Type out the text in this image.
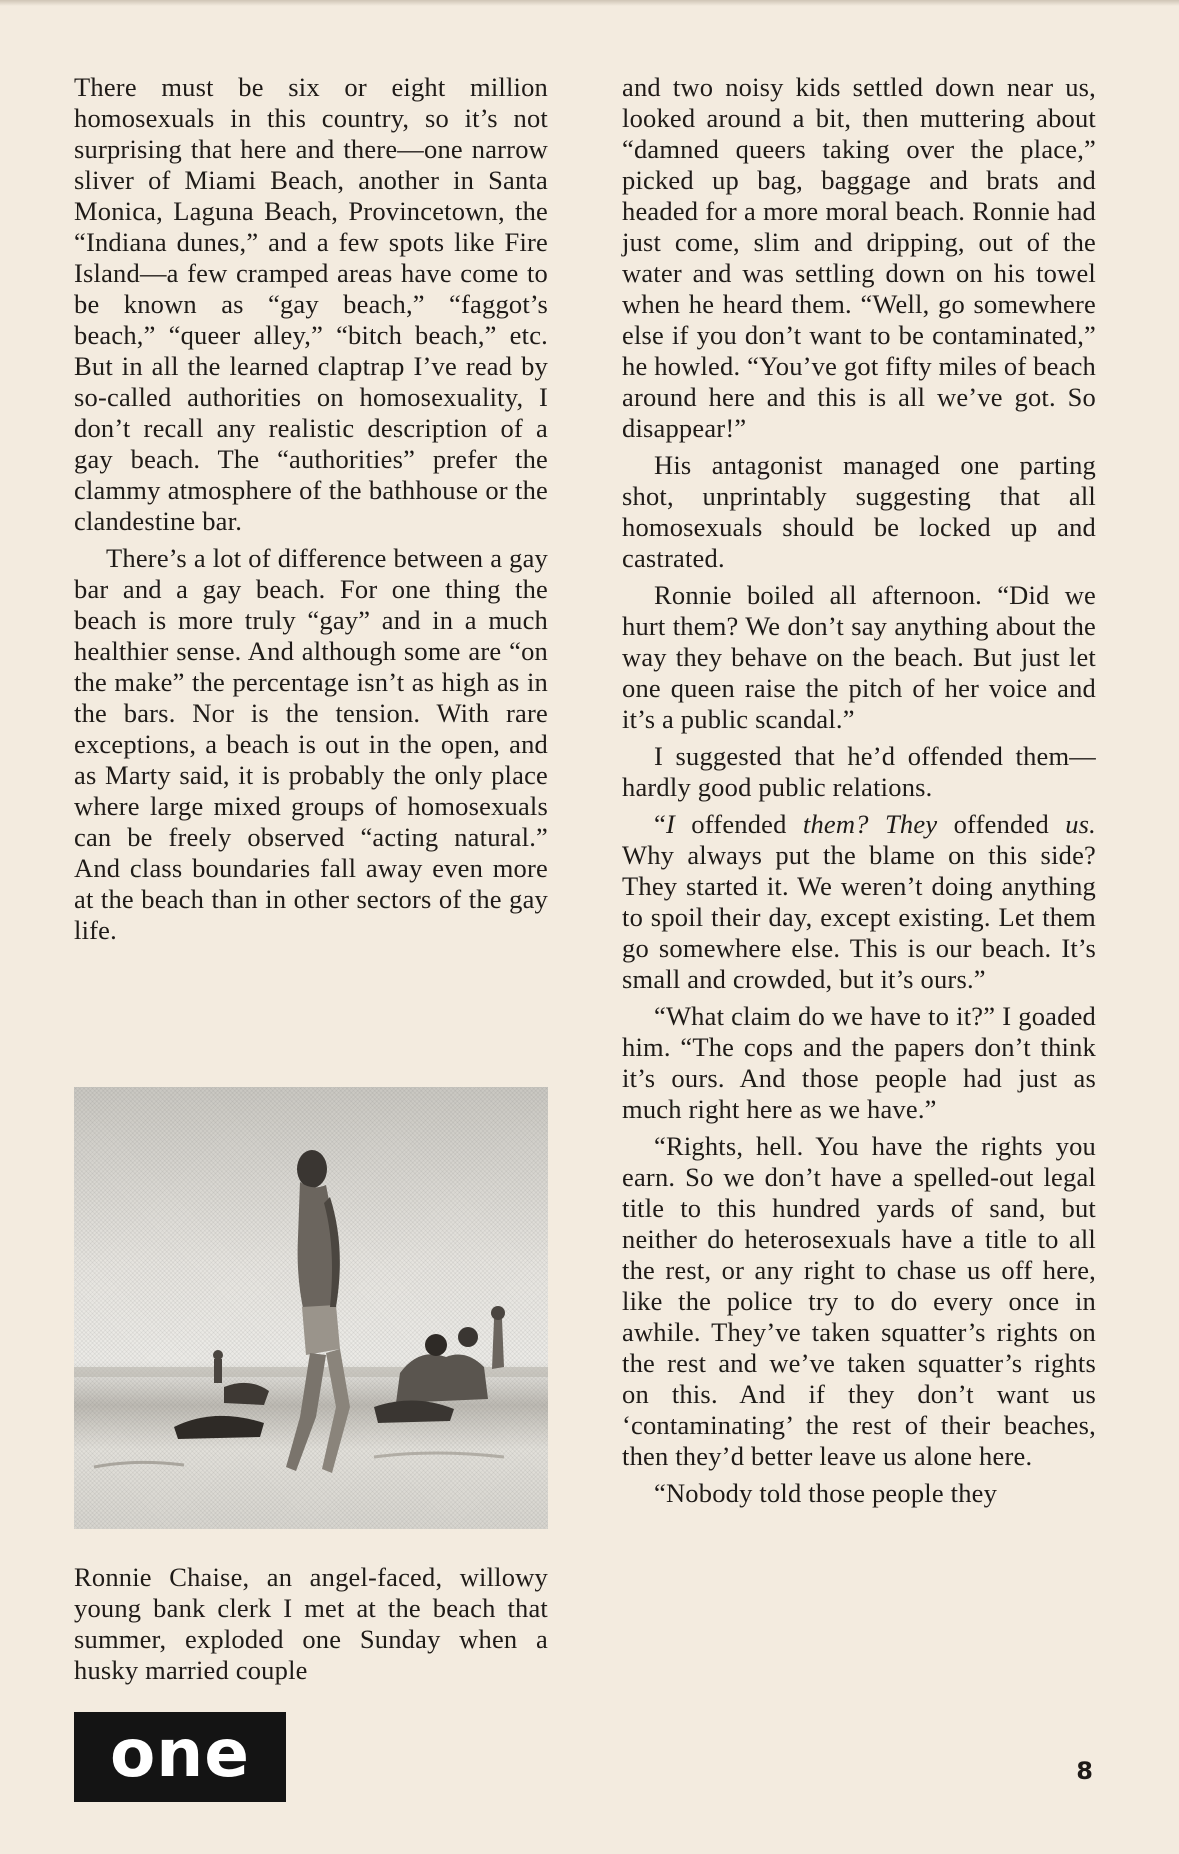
There must be six or eight million homosexuals in this country, so it’s not surprising that here and there—one narrow sliver of Miami Beach, another in Santa Monica, Laguna Beach, Provincetown, the “Indiana dunes,” and a few spots like Fire Island—a few cramped areas have come to be known as “gay beach,” “faggot’s beach,” “queer alley,” “bitch beach,” etc. But in all the learned claptrap I’ve read by so-called authorities on homosexuality, I don’t recall any realistic description of a gay beach. The “authorities” prefer the clammy atmosphere of the bathhouse or the clandestine bar.

There’s a lot of difference between a gay bar and a gay beach. For one thing the beach is more truly “gay” and in a much healthier sense. And although some are “on the make” the percentage isn’t as high as in the bars. Nor is the tension. With rare exceptions, a beach is out in the open, and as Marty said, it is probably the only place where large mixed groups of homosexuals can be freely observed “acting natural.” And class boundaries fall away even more at the beach than in other sectors of the gay life.

Ronnie Chaise, an angel-faced, willowy young bank clerk I met at the beach that summer, exploded one Sunday when a husky married couple

and two noisy kids settled down near us, looked around a bit, then muttering about “damned queers taking over the place,” picked up bag, baggage and brats and headed for a more moral beach. Ronnie had just come, slim and dripping, out of the water and was settling down on his towel when he heard them. “Well, go somewhere else if you don’t want to be contaminated,” he howled. “You’ve got fifty miles of beach around here and this is all we’ve got. So disappear!”

His antagonist managed one parting shot, unprintably suggesting that all homosexuals should be locked up and castrated.

Ronnie boiled all afternoon. “Did we hurt them? We don’t say anything about the way they behave on the beach. But just let one queen raise the pitch of her voice and it’s a public scandal.”

I suggested that he’d offended them—hardly good public relations.

“I offended them? They offended us. Why always put the blame on this side? They started it. We weren’t doing anything to spoil their day, except existing. Let them go somewhere else. This is our beach. It’s small and crowded, but it’s ours.”

“What claim do we have to it?” I goaded him. “The cops and the papers don’t think it’s ours. And those people had just as much right here as we have.”

“Rights, hell. You have the rights you earn. So we don’t have a spelled-out legal title to this hundred yards of sand, but neither do heterosexuals have a title to all the rest, or any right to chase us off here, like the police try to do every once in awhile. They’ve taken squatter’s rights on the rest and we’ve taken squatter’s rights on this. And if they don’t want us ‘contaminating’ the rest of their beaches, then they’d better leave us alone here.

“Nobody told those people they

one	8
